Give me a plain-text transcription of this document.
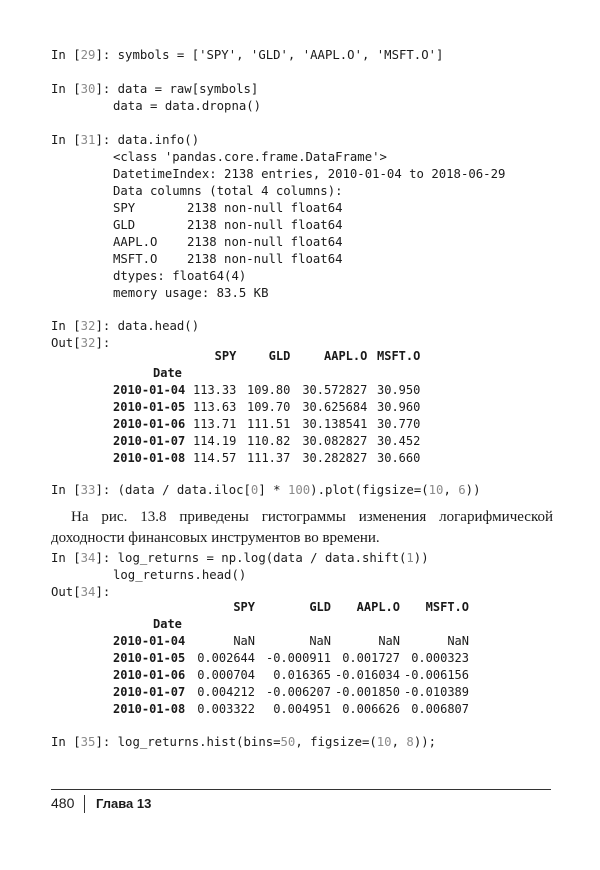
In [29]: symbols = ['SPY', 'GLD', 'AAPL.O', 'MSFT.O']
In [30]: data = raw[symbols]
data = data.dropna()
In [31]: data.info()
<class 'pandas.core.frame.DataFrame'>
DatetimeIndex: 2138 entries, 2010-01-04 to 2018-06-29
Data columns (total 4 columns):
SPY       2138 non-null float64
GLD       2138 non-null float64
AAPL.O    2138 non-null float64
MSFT.O    2138 non-null float64
dtypes: float64(4)
memory usage: 83.5 KB
In [32]: data.head()
Out[32]:
	SPY	GLD	AAPL.O	MSFT.O
Date				
2010-01-04	113.33	109.80	30.572827	30.950
2010-01-05	113.63	109.70	30.625684	30.960
2010-01-06	113.71	111.51	30.138541	30.770
2010-01-07	114.19	110.82	30.082827	30.452
2010-01-08	114.57	111.37	30.282827	30.660
In [33]: (data / data.iloc[0] * 100).plot(figsize=(10, 6))

На рис. 13.8 приведены гистограммы изменения логарифмической доходности финансовых инструментов во времени.

In [34]: log_returns = np.log(data / data.shift(1))
log_returns.head()
Out[34]:
	SPY	GLD	AAPL.O	MSFT.O
Date				
2010-01-04	NaN	NaN	NaN	NaN
2010-01-05	0.002644	-0.000911	0.001727	0.000323
2010-01-06	0.000704	0.016365	-0.016034	-0.006156
2010-01-07	0.004212	-0.006207	-0.001850	-0.010389
2010-01-08	0.003322	0.004951	0.006626	0.006807
In [35]: log_returns.hist(bins=50, figsize=(10, 8));
480 Глава 13
